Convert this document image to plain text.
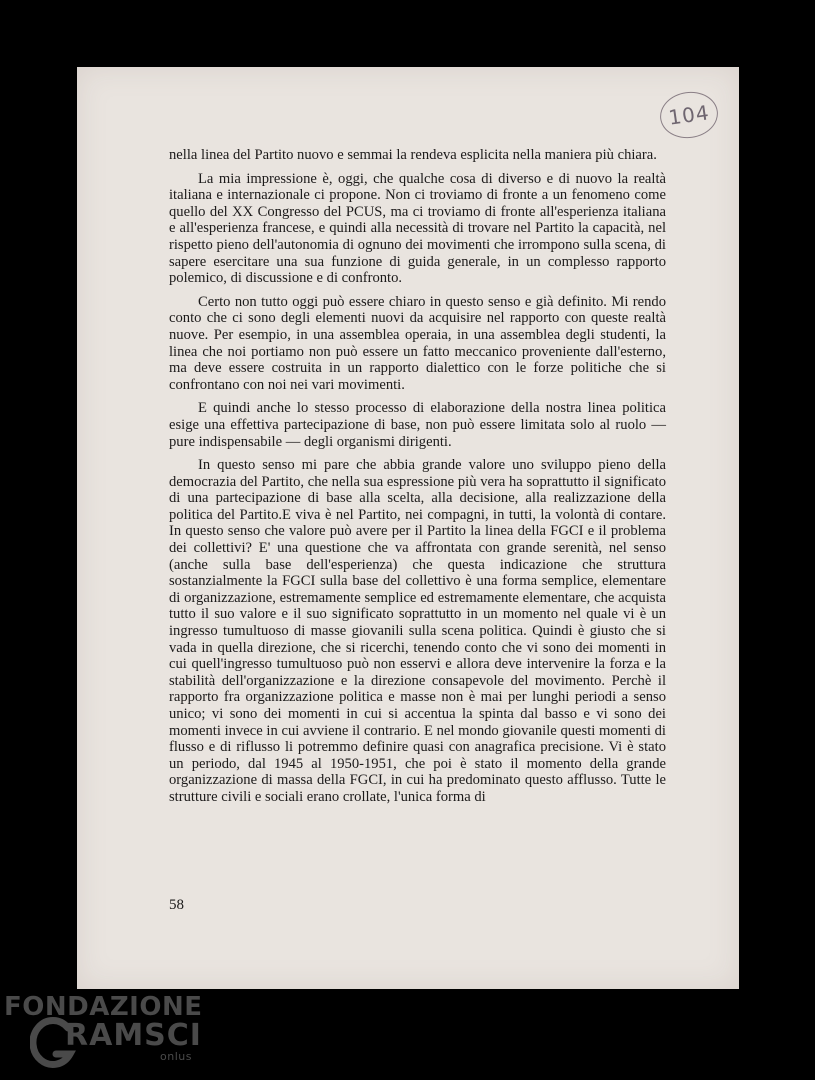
104

nella linea del Partito nuovo e semmai la rendeva esplicita nella maniera più chiara.

La mia impressione è, oggi, che qualche cosa di diverso e di nuovo la realtà italiana e internazionale ci propone. Non ci troviamo di fronte a un fenomeno come quello del XX Congresso del PCUS, ma ci troviamo di fronte all'esperienza italiana e all'esperienza francese, e quindi alla necessità di trovare nel Partito la capacità, nel rispetto pieno dell'autonomia di ognuno dei movimenti che irrompono sulla scena, di sapere esercitare una sua funzione di guida generale, in un complesso rapporto polemico, di discussione e di confronto.

Certo non tutto oggi può essere chiaro in questo senso e già definito. Mi rendo conto che ci sono degli elementi nuovi da acquisire nel rapporto con queste realtà nuove. Per esempio, in una assemblea operaia, in una assemblea degli studenti, la linea che noi portiamo non può essere un fatto meccanico proveniente dall'esterno, ma deve essere costruita in un rapporto dialettico con le forze politiche che si confrontano con noi nei vari movimenti.

E quindi anche lo stesso processo di elaborazione della nostra linea politica esige una effettiva partecipazione di base, non può essere limitata solo al ruolo — pure indispensabile — degli organismi dirigenti.

In questo senso mi pare che abbia grande valore uno sviluppo pieno della democrazia del Partito, che nella sua espressione più vera ha soprattutto il significato di una partecipazione di base alla scelta, alla decisione, alla realizzazione della politica del Partito.E viva è nel Partito, nei compagni, in tutti, la volontà di contare. In questo senso che valore può avere per il Partito la linea della FGCI e il problema dei collettivi? E' una questione che va affrontata con grande serenità, nel senso (anche sulla base dell'esperienza) che questa indicazione che struttura sostanzialmente la FGCI sulla base del collettivo è una forma semplice, elementare di organizzazione, estremamente semplice ed estremamente elementare, che acquista tutto il suo valore e il suo significato soprattutto in un momento nel quale vi è un ingresso tumultuoso di masse giovanili sulla scena politica. Quindi è giusto che si vada in quella direzione, che si ricerchi, tenendo conto che vi sono dei momenti in cui quell'ingresso tumultuoso può non esservi e allora deve intervenire la forza e la stabilità dell'organizzazione e la direzione consapevole del movimento. Perchè il rapporto fra organizzazione politica e masse non è mai per lunghi periodi a senso unico; vi sono dei momenti in cui si accentua la spinta dal basso e vi sono dei momenti invece in cui avviene il contrario. E nel mondo giovanile questi momenti di flusso e di riflusso li potremmo definire quasi con anagrafica precisione. Vi è stato un periodo, dal 1945 al 1950-1951, che poi è stato il momento della grande organizzazione di massa della FGCI, in cui ha predominato questo afflusso. Tutte le strutture civili e sociali erano crollate, l'unica forma di

58
FONDAZIONE
RAMSCI
onlus
